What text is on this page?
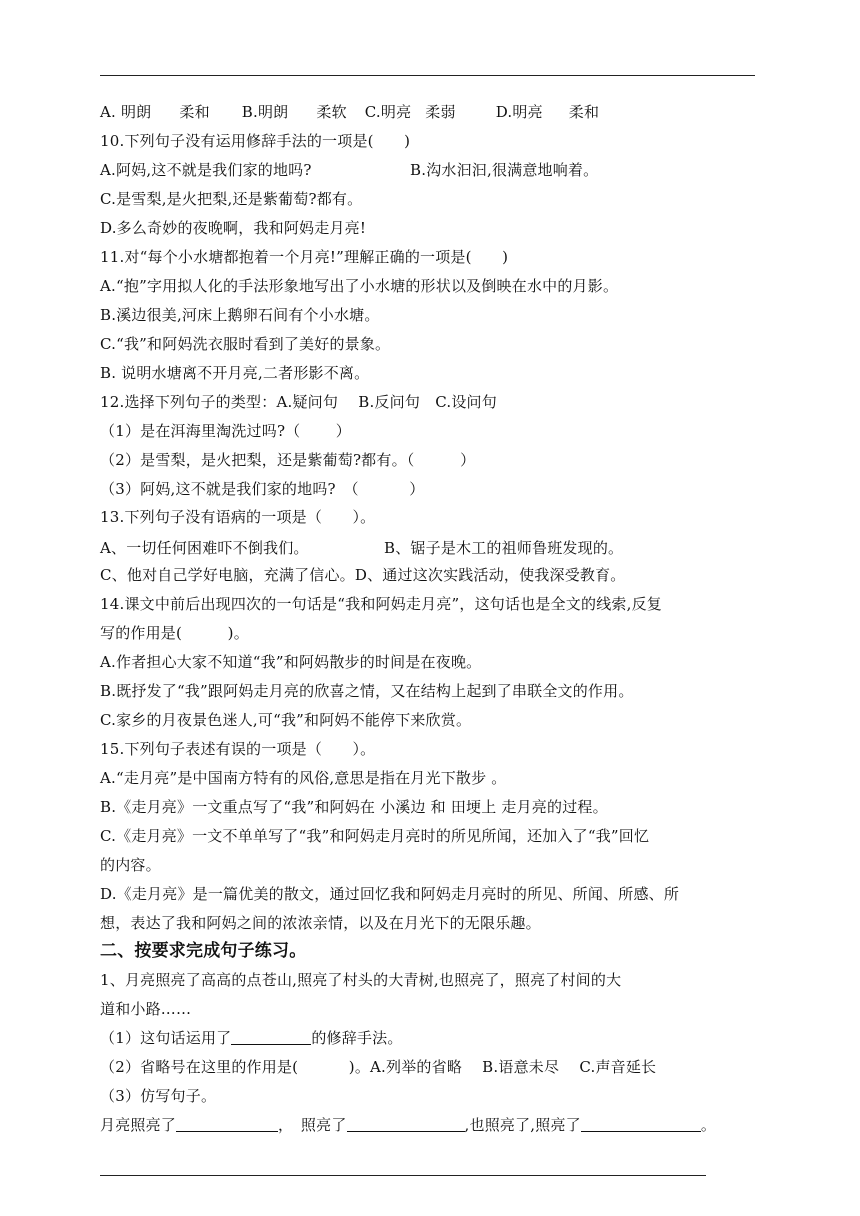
A. 明朗 柔和 B.明朗 柔软 C.明亮 柔弱	D.明亮 柔和
10.下列句子没有运用修辞手法的一项是(　　)
A.阿妈,这不就是我们家的地吗?	B.沟水汩汩,很满意地响着。
C.是雪梨,是火把梨,还是紫葡萄?都有。
D.多么奇妙的夜晚啊，我和阿妈走月亮!
11.对“每个小水塘都抱着一个月亮!”理解正确的一项是(　　)
A.“抱”字用拟人化的手法形象地写出了小水塘的形状以及倒映在水中的月影。
B.溪边很美,河床上鹅卵石间有个小水塘。
C.“我”和阿妈洗衣服时看到了美好的景象。
B. 说明水塘离不开月亮,二者形影不离。
12.选择下列句子的类型：A.疑问句　 B.反问句　C.设问句
（1）是在洱海里淘洗过吗?（　　 ）
（2）是雪梨，是火把梨，还是紫葡萄?都有。（　　　）
（3）阿妈,这不就是我们家的地吗?　（　　　 ）
13.下列句子没有语病的一项是（　　）。
A、一切任何困难吓不倒我们。	B、锯子是木工的祖师鲁班发现的。
C、他对自己学好电脑，充满了信心。D、通过这次实践活动，使我深受教育。
14.课文中前后出现四次的一句话是“我和阿妈走月亮”，这句话也是全文的线索,反复
写的作用是(　　　)。
A.作者担心大家不知道“我”和阿妈散步的时间是在夜晚。
B.既抒发了“我”跟阿妈走月亮的欣喜之情，又在结构上起到了串联全文的作用。
C.家乡的月夜景色迷人,可“我”和阿妈不能停下来欣赏。
15.下列句子表述有误的一项是（　　）。
A.“走月亮”是中国南方特有的风俗,意思是指在月光下散步 。
B.《走月亮》一文重点写了“我”和阿妈在 小溪边 和 田埂上 走月亮的过程。
C.《走月亮》一文不单单写了“我”和阿妈走月亮时的所见所闻，还加入了“我”回忆
的内容。
D.《走月亮》是一篇优美的散文，通过回忆我和阿妈走月亮时的所见、所闻、所感、所
想，表达了我和阿妈之间的浓浓亲情，以及在月光下的无限乐趣。
二、按要求完成句子练习。
1、月亮照亮了高高的点苍山,照亮了村头的大青树,也照亮了，照亮了村间的大
道和小路……
（1）这句话运用了	的修辞手法。
（2）省略号在这里的作用是(　　　 )。A.列举的省略　 B.语意未尽　 C.声音延长
（3）仿写句子。
月亮照亮了	，　照亮了	,也照亮了,照亮了	。
